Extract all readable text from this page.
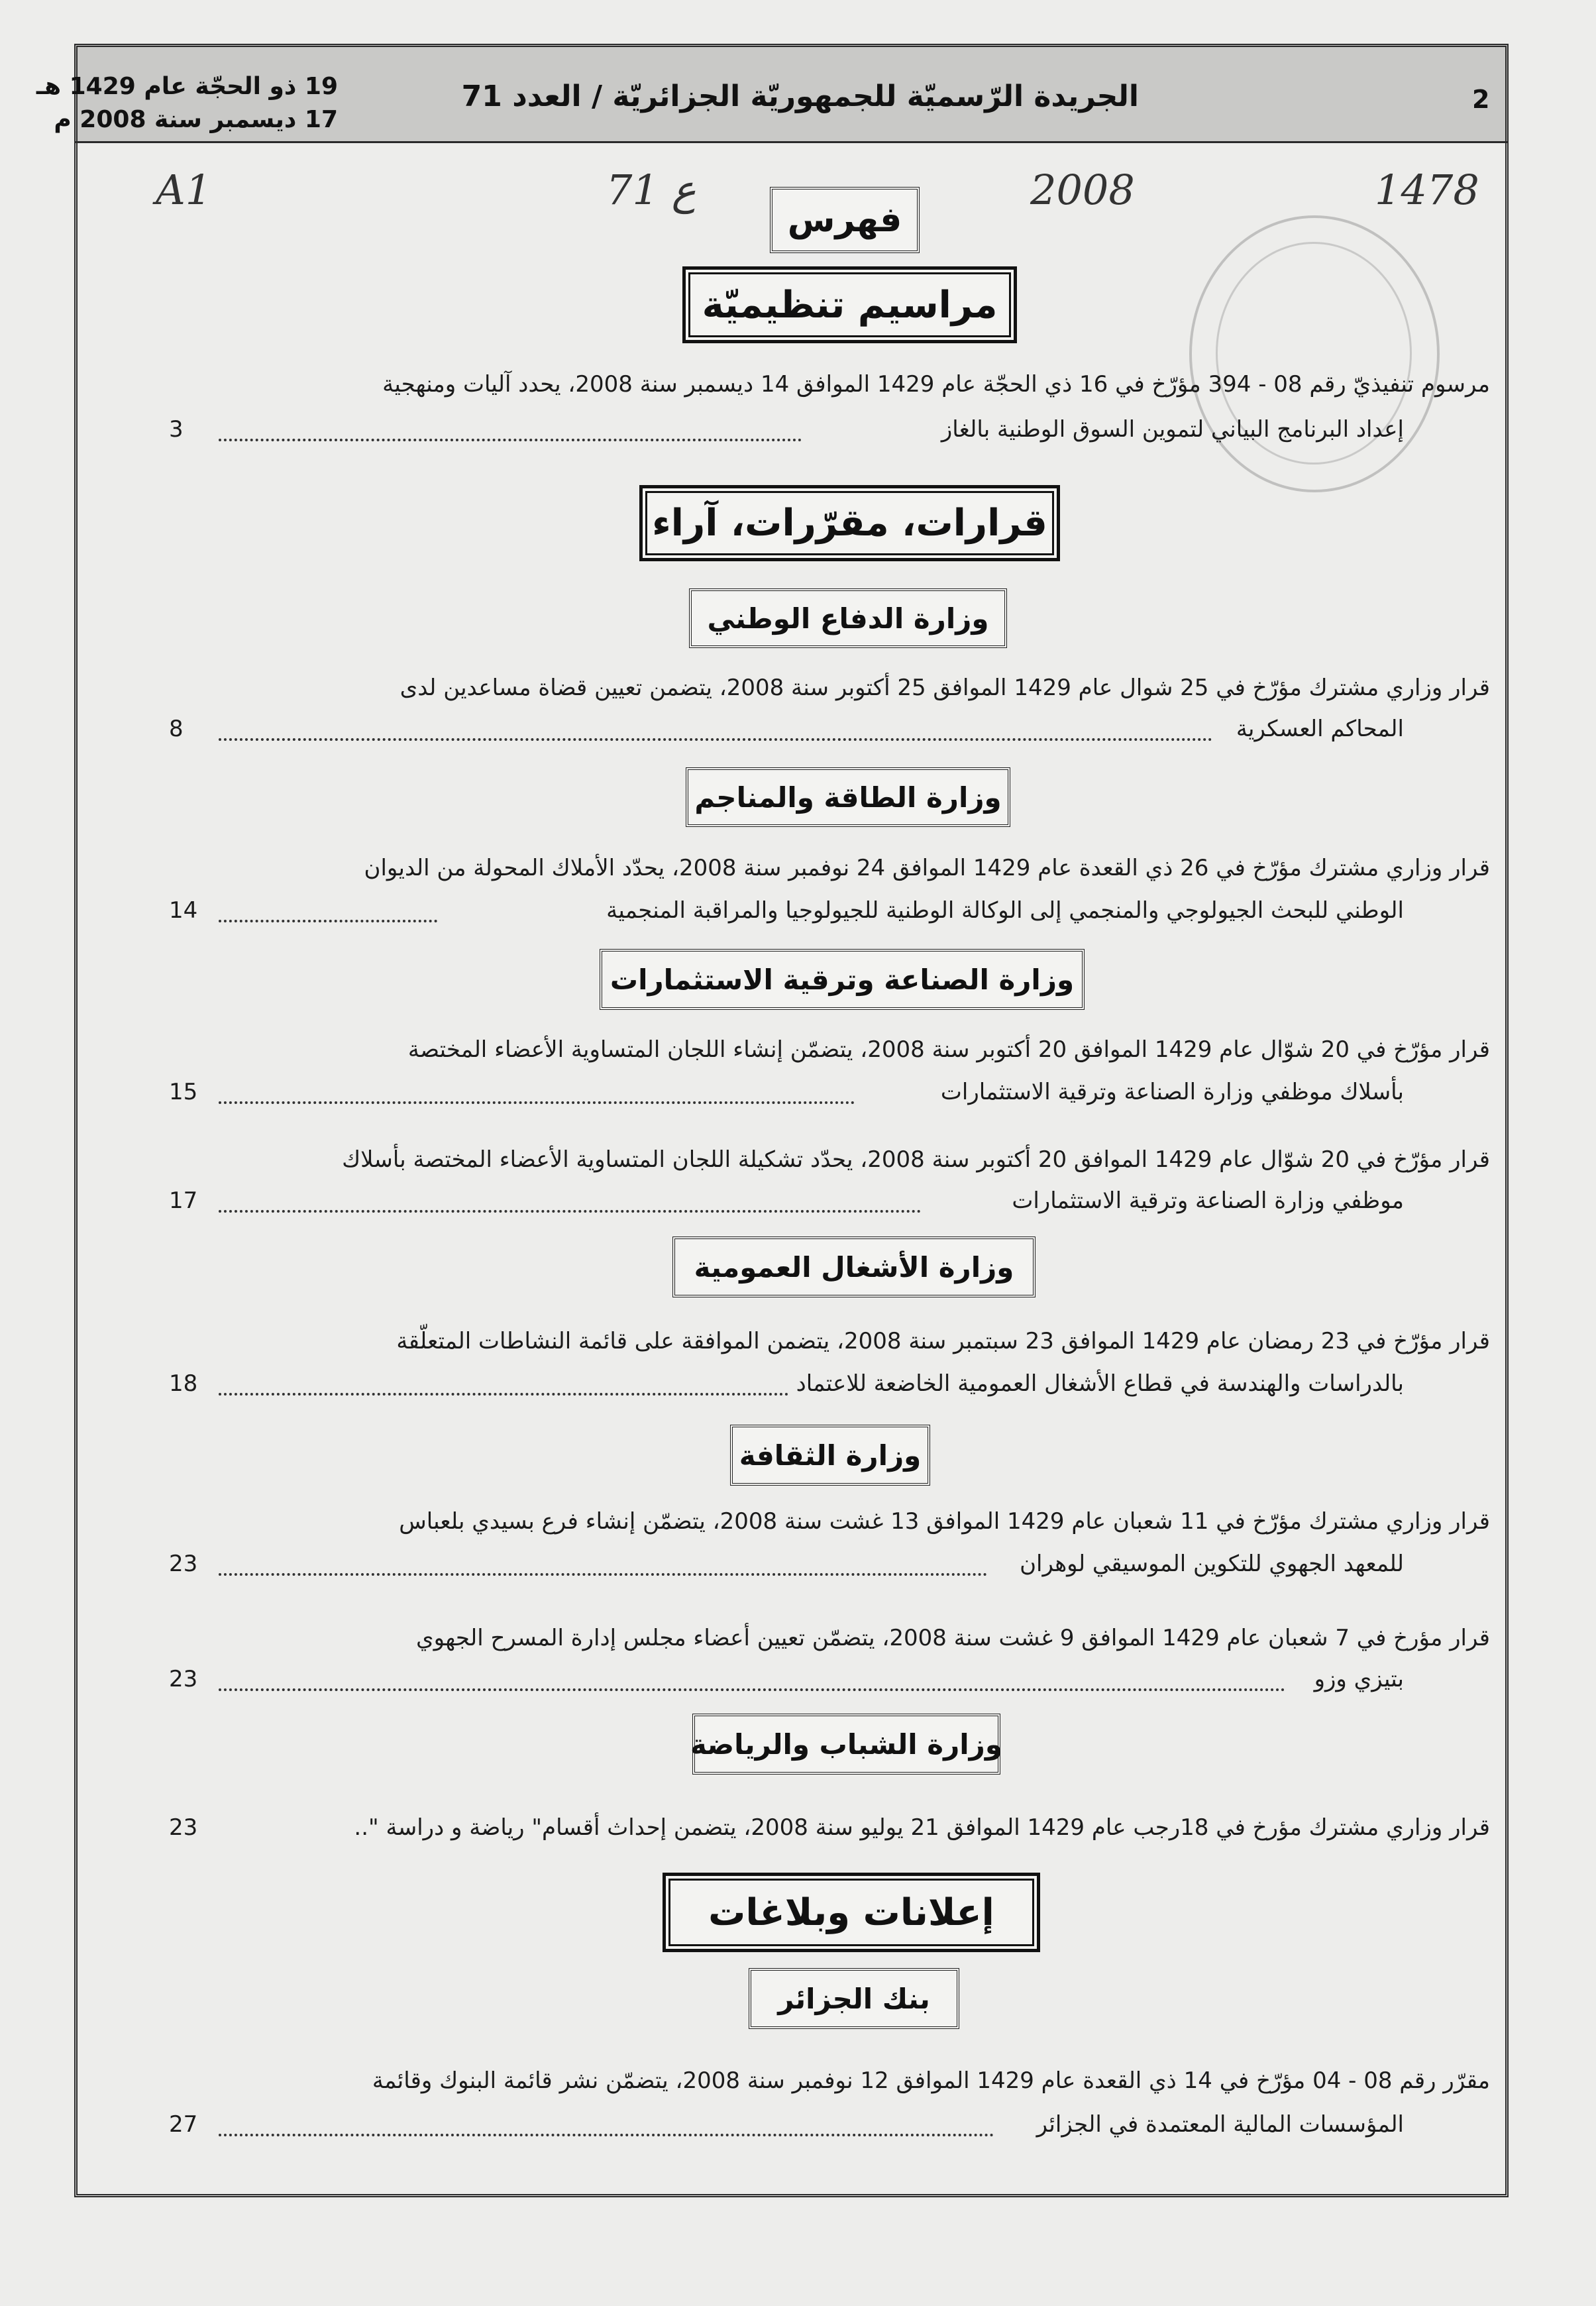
2
الجريدة الرّسميّة للجمهوريّة الجزائريّة / العدد 71
19 ذو الحجّة عام 1429 هـ
17 ديسمبر سنة 2008 م
A1	71 ع	2008	1478
فهرس
مراسيم تنظيميّة
مرسوم تنفيذيّ رقم 08 - 394 مؤرّخ في 16 ذي الحجّة عام 1429 الموافق 14 ديسمبر سنة 2008، يحدد آليات ومنهجية
إعداد البرنامج البياني لتموين السوق الوطنية بالغاز
3
قرارات، مقرّرات، آراء
وزارة الدفاع الوطني
قرار وزاري مشترك مؤرّخ في 25 شوال عام 1429 الموافق 25 أكتوبر سنة 2008، يتضمن تعيين قضاة مساعدين لدى
المحاكم العسكرية
8
وزارة الطاقة والمناجم
قرار وزاري مشترك مؤرّخ في 26 ذي القعدة عام 1429 الموافق 24 نوفمبر سنة 2008، يحدّد الأملاك المحولة من الديوان
الوطني للبحث الجيولوجي والمنجمي إلى الوكالة الوطنية للجيولوجيا والمراقبة المنجمية
14
وزارة الصناعة وترقية الاستثمارات
قرار مؤرّخ في 20 شوّال عام 1429 الموافق 20 أكتوبر سنة 2008، يتضمّن إنشاء اللجان المتساوية الأعضاء المختصة
بأسلاك موظفي وزارة الصناعة وترقية الاستثمارات
15
قرار مؤرّخ في 20 شوّال عام 1429 الموافق 20 أكتوبر سنة 2008، يحدّد تشكيلة اللجان المتساوية الأعضاء المختصة بأسلاك
موظفي وزارة الصناعة وترقية الاستثمارات
17
وزارة الأشغال العمومية
قرار مؤرّخ في 23 رمضان عام 1429 الموافق 23 سبتمبر سنة 2008، يتضمن الموافقة على قائمة النشاطات المتعلّقة
بالدراسات والهندسة في قطاع الأشغال العمومية الخاضعة للاعتماد
18
وزارة الثقافة
قرار وزاري مشترك مؤرّخ في 11 شعبان عام 1429 الموافق 13 غشت سنة 2008، يتضمّن إنشاء فرع بسيدي بلعباس
للمعهد الجهوي للتكوين الموسيقي لوهران
23
قرار مؤرخ في 7 شعبان عام 1429 الموافق 9 غشت سنة 2008، يتضمّن تعيين أعضاء مجلس إدارة المسرح الجهوي
بتيزي وزو
23
وزارة الشباب والرياضة
قرار وزاري مشترك مؤرخ في 18رجب عام 1429 الموافق 21 يوليو سنة 2008، يتضمن إحداث أقسام" رياضة و دراسة "..
23
إعلانات وبلاغات
بنك الجزائر
مقرّر رقم 08 - 04 مؤرّخ في 14 ذي القعدة عام 1429 الموافق 12 نوفمبر سنة 2008، يتضمّن نشر قائمة البنوك وقائمة
المؤسسات المالية المعتمدة في الجزائر
27
